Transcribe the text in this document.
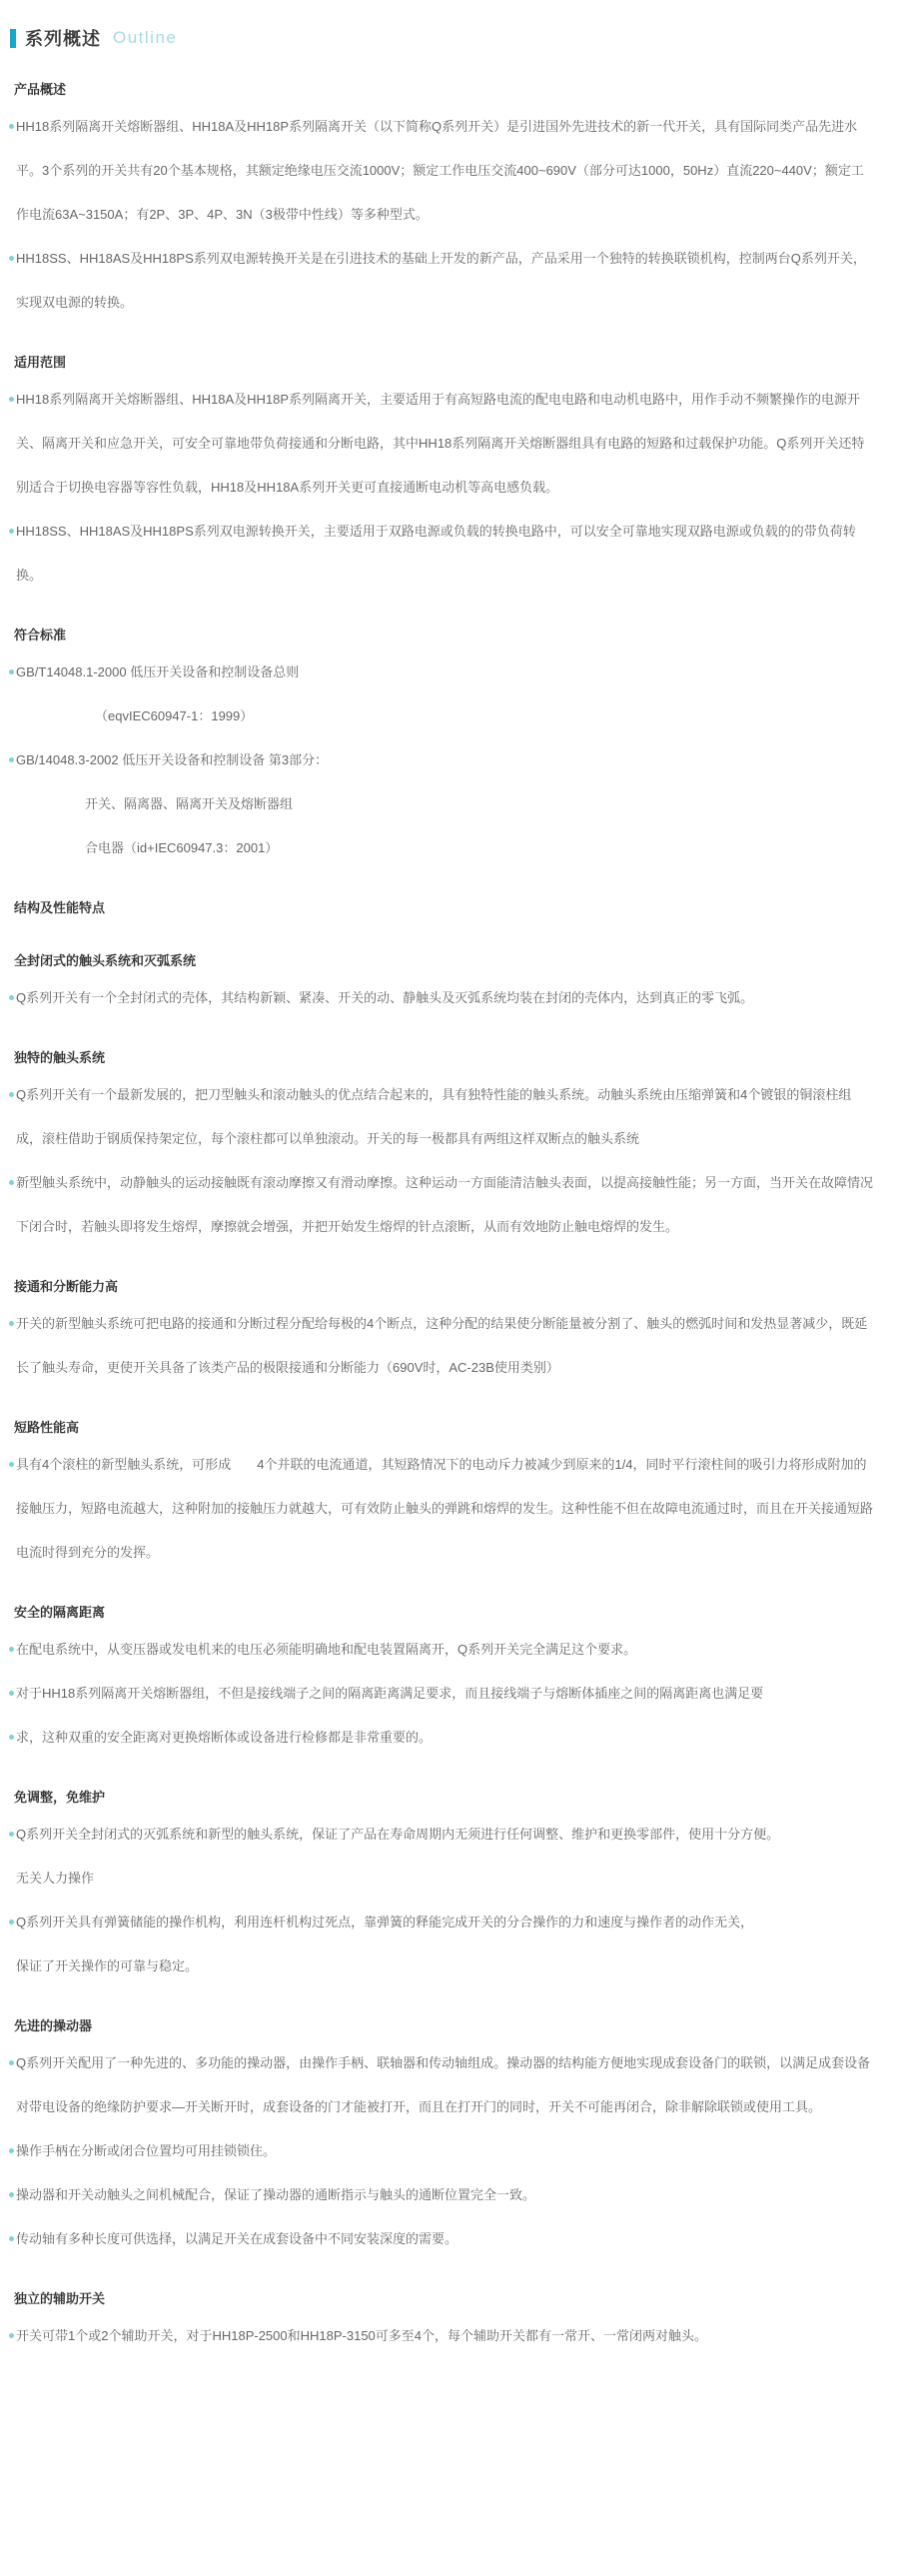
系列概述 Outline
产品概述

HH18系列隔离开关熔断器组、HH18A及HH18P系列隔离开关（以下简称Q系列开关）是引进国外先进技术的新一代开关，具有国际同类产品先进水平。3个系列的开关共有20个基本规格，其额定绝缘电压交流1000V；额定工作电压交流400~690V（部分可达1000，50Hz）直流220~440V；额定工作电流63A~3150A；有2P、3P、4P、3N（3极带中性线）等多种型式。

HH18SS、HH18AS及HH18PS系列双电源转换开关是在引进技术的基础上开发的新产品，产品采用一个独特的转换联锁机构，控制两台Q系列开关，实现双电源的转换。

适用范围

HH18系列隔离开关熔断器组、HH18A及HH18P系列隔离开关，主要适用于有高短路电流的配电电路和电动机电路中，用作手动不频繁操作的电源开关、隔离开关和应急开关，可安全可靠地带负荷接通和分断电路，其中HH18系列隔离开关熔断器组具有电路的短路和过载保护功能。Q系列开关还特别适合于切换电容器等容性负载，HH18及HH18A系列开关更可直接通断电动机等高电感负载。

HH18SS、HH18AS及HH18PS系列双电源转换开关，主要适用于双路电源或负载的转换电路中，可以安全可靠地实现双路电源或负载的的带负荷转换。

符合标准

GB/T14048.1-2000 低压开关设备和控制设备总则

（eqvIEC60947-1：1999）

GB/14048.3-2002 低压开关设备和控制设备 第3部分：

开关、隔离器、隔离开关及熔断器组

合电器（id+IEC60947.3：2001）

结构及性能特点
全封闭式的触头系统和灭弧系统

Q系列开关有一个全封闭式的壳体，其结构新颖、紧凑、开关的动、静触头及灭弧系统均装在封闭的壳体内，达到真正的零飞弧。

独特的触头系统

Q系列开关有一个最新发展的，把刀型触头和滚动触头的优点结合起来的，具有独特性能的触头系统。动触头系统由压缩弹簧和4个镀银的铜滚柱组成，滚柱借助于钢质保持架定位，每个滚柱都可以单独滚动。开关的每一极都具有两组这样双断点的触头系统

新型触头系统中，动静触头的运动接触既有滚动摩擦又有滑动摩擦。这种运动一方面能清洁触头表面，以提高接触性能；另一方面，当开关在故障情况下闭合时，若触头即将发生熔焊，摩擦就会增强，并把开始发生熔焊的针点滚断，从而有效地防止触电熔焊的发生。

接通和分断能力高

开关的新型触头系统可把电路的接通和分断过程分配给每极的4个断点，这种分配的结果使分断能量被分割了、触头的燃弧时间和发热显著减少，既延长了触头寿命，更使开关具备了该类产品的极限接通和分断能力（690V时，AC-23B使用类别）

短路性能高

具有4个滚柱的新型触头系统，可形成　　4个并联的电流通道，其短路情况下的电动斥力被减少到原来的1/4，同时平行滚柱间的吸引力将形成附加的接触压力，短路电流越大，这种附加的接触压力就越大，可有效防止触头的弹跳和熔焊的发生。这种性能不但在故障电流通过时，而且在开关接通短路电流时得到充分的发挥。

安全的隔离距离

在配电系统中，从变压器或发电机来的电压必须能明确地和配电装置隔离开，Q系列开关完全满足这个要求。

对于HH18系列隔离开关熔断器组，不但是接线端子之间的隔离距离满足要求，而且接线端子与熔断体插座之间的隔离距离也满足要

求，这种双重的安全距离对更换熔断体或设备进行检修都是非常重要的。

免调整，免维护

Q系列开关全封闭式的灭弧系统和新型的触头系统，保证了产品在寿命周期内无须进行任何调整、维护和更换零部件，使用十分方便。

无关人力操作

Q系列开关具有弹簧储能的操作机构，利用连杆机构过死点，靠弹簧的释能完成开关的分合操作的力和速度与操作者的动作无关，

保证了开关操作的可靠与稳定。

先进的操动器

Q系列开关配用了一种先进的、多功能的操动器，由操作手柄、联轴器和传动轴组成。操动器的结构能方便地实现成套设备门的联锁，以满足成套设备对带电设备的绝缘防护要求—开关断开时，成套设备的门才能被打开，而且在打开门的同时，开关不可能再闭合，除非解除联锁或使用工具。

操作手柄在分断或闭合位置均可用挂锁锁住。

操动器和开关动触头之间机械配合，保证了操动器的通断指示与触头的通断位置完全一致。

传动轴有多种长度可供选择，以满足开关在成套设备中不同安装深度的需要。

独立的辅助开关

开关可带1个或2个辅助开关，对于HH18P-2500和HH18P-3150可多至4个，每个辅助开关都有一常开、一常闭两对触头。
